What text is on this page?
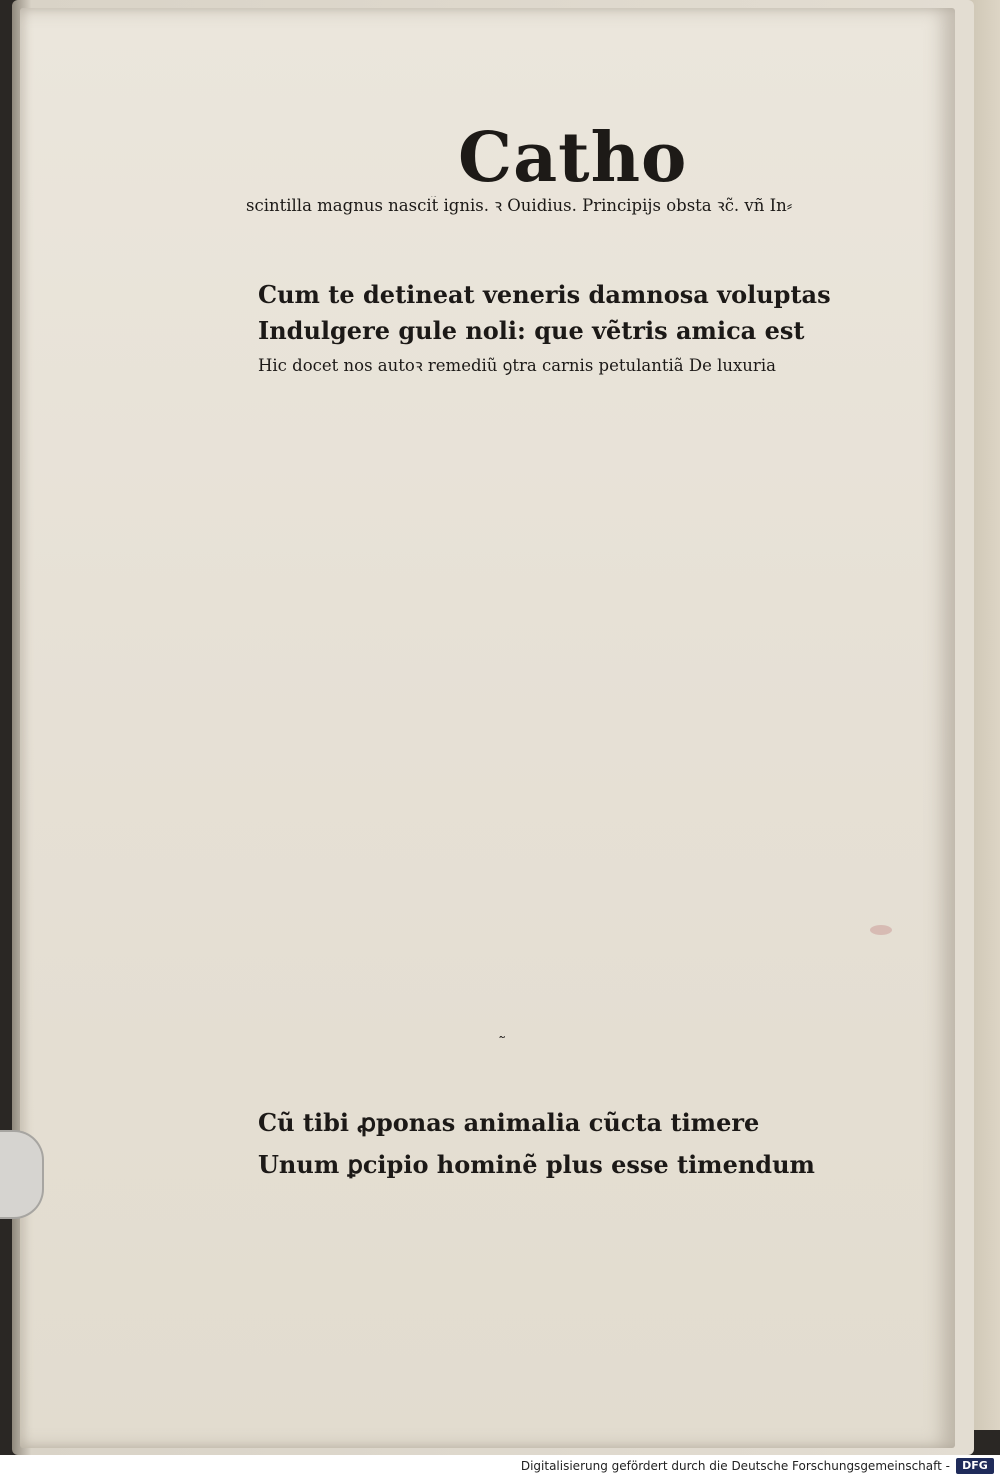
Catho
scintilla magnus nascit̃ ignis. ꝛ Ouidius. Principijs obsta ꝛc̃. vñ In⸗
Cum te detineat veneris damnosa voluptas
Indulgere gule noli: que vẽtris amica est
Hic docet nos autoꝛ remediũ ꝯtra carnis petulantiã De luxuria
Cũ tibi ꝓponas animalia cũcta timere
Unum ꝑcipio hominẽ plus esse timendum
Digitalisierung gefördert durch die Deutsche Forschungsgemeinschaft -	DFG
